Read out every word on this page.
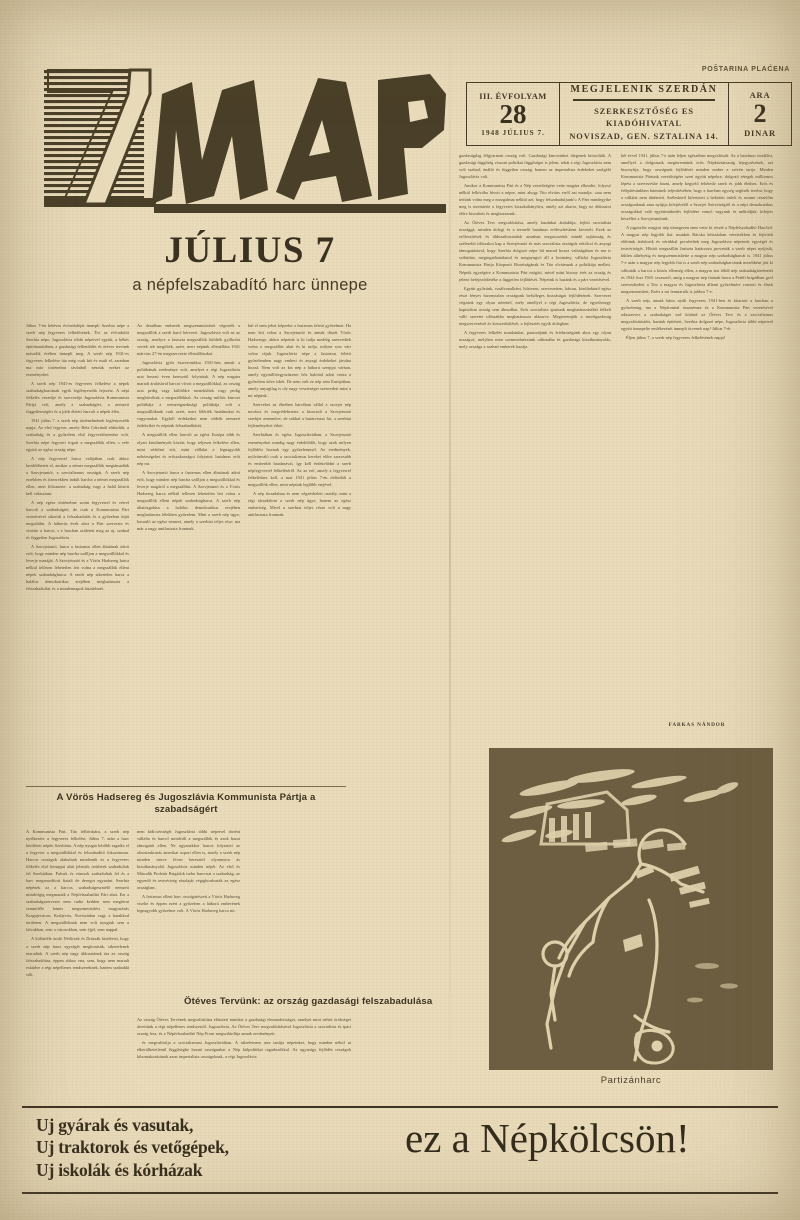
POŠTARINA PLAĆENA
III. ÉVFOLYAM
28
1948 JÚLIUS 7.
MEGJELENIK SZERDÁN
SZERKESZTŐSÉG ES KIADÓHIVATAL
NOVISZAD, GEN. SZTALINA 14.
ARA
2
DINAR
JÚLIUS 7
a népfelszabadító harc ünnepe
A Vörös Hadsereg és Jugoszlávia Kommunista Pártja a szabadságért
Ötéves Tervünk: az ország gazdasági felszabadulása

Július 7-én hétéves évfordulóját ünnepli Szerbia népe a szerb nép fegyveres felkelésének. Évi az évfordulót Szerbia népe, Jugoszlávia többi népeivel együtt, a békés épitőmunkában, a gazdasági fellendülés és ötéves tervünk második évében ünnepli meg. A szerb nép 1941-es fegyveres felkelése óta még csak hét év mult el, azonban ma már történelmi távlatból nézzük ezeket az eseményeket.

A szerb nép 1941-es fegyveres felkelése a népek szabadságharcának egyik legfényesebb fejezete. A népi felkelés vezetője és szervezője Jugoszlávia Kommunista Pártja volt, amely a szabadságért, a nemzeti függetlenségért és a jobb életért harcolt a népek élén.

1941 július 7. a szerb nép történelmének legfényesebb napja. Az első fegyver, amely Bela Crkvánál eldördült, a szabadság és a győzelem első fegyverdörrenése volt. Szerbia népe fegyvert fogott a megszállók ellen, s vele együtt az egész ország népe.

A nép fegyverrel harca valójában csak akkor kezdődhetett el, amikor a német megszállók megtámadták a Szovjetuniót, a szocializmus országát. A szerb nép ezrekben és tízezrekben indult harcba a német megszállók ellen, mert fölismerte: a szabadság vagy a halál között kell választani.

A nép egész történelme során fegyverrel és vérrel harcolt a szabadságért, de csak a Kommunista Párt vezetésével sikerült a felszabadulás és a győzelem útját megtalálni. A háborús évek alatt a Párt szervezte és vezette a harcot, s e harcban született meg az uj, szabad és független Jugoszlávia.

A Szovjetunió, harca a fasizmus ellen áltatónak adott erőt, hogy minden nép harcba szálljon a megszállókkal és leverje mazáját. A Szovjetunió és a Vörös Hadsereg harca nélkül tellesen lehetetlen lett volna a megszállók elleni népek szabadságharca. A szerb nép sikertelen harca a halálos demokratikus erejében meghatározta a felszabadulást és a mindennapok küzdelmét.

Az detailban emberek megszemmisitését végezték a megszállók a szerb harci bérverei. Jugoszlávia volt az az ország, amelyre a fasiszta megszállók küldték gyilkolni vertek tek megölték, azért, mert népünk ellenállása 1941 március 27-én megszervezte ellenállásukat.

Jugoszlávia győz észrezomlása 1941-ben annak a politikának eredménye volt, amelyet a régi Jugoszlávia urai hosszú éven keresztül folytattak. A nép magára maradt árulásával harcot vívott a megszállókkal, az ország urai pedig vagy külföldre menekültek vagy pedig megbúvóltak a megszállókkal. Az ország milliós kincsei politikája a nemzetgazdasági politikája volt a megszállóknak csak azért, mert félérték hatalmukat és vagyonukat. Egyből érdekeiket nem védték nemzeti érdekeiket és népünk felszabadítását.

A megszállók ellen harcolt az egész Európa több és olyan körülmények között, hogy teljesen felkelése ellen, mint védelmi tett, mint vállalat a legnagyobb nehézségeket és erőszakosságot folytatni: hatalmas erőt nép mi.

A Szovjetunió harca a fasizmus ellen áltatónak adott erőt, hogy minden nép harcba szálljon a megszállókkal és leverje magáról a megszállást. A Szovjetunió és a Vörös Hadsereg harca nélkül tellesen lehetetlen lett volna a megszállók elleni népek szabadságharca. A szerb nép áltatózgolása a halálos demokratikus erejében meghatározta lélekben győzelem. Mint a szerb nép ügye, hasonló az egész nemzet, amely a szerbiai teljes rész: ma már a nagy antifasiszta frontnak.

kül el nem jehet képzelni a fasizmus feletti győzelmet. Ha nem lett volna a Szovjetunió és annak díszét Vörös Hadserege, akkor népeink is ki tudja meddig szenvedtek volna a megszállás alatt és ki tudja, milyen sors várt volna rájuk. Jugoszlávia népe a fasizmus feletti győzelemben nagy emberi és anyagi érdekeket járulna hozzá. Nem volt az kis nép a háború szerpjai várban, amely egymillióegyszázezer hős halottal adott vonta a győzelem üdve iskét. De nem volt ez nép sem Európában, amely anyagilag is oly nagy veszteséget szenvedett mint a mi népünk.

Szerveket az ébrében harcában vállal a szovjet nép novátor és megvédelmezte a kisorsult a Szovjetunió szerbjei zeneműve, de sokkal a hatásviszas hit, a szerbiai fejleményeket érhet.

Szerbiában és egész Jugoszláviában, a Szovjetunió eseményeket mindig nagy érdeklődőt, hogy azok milyen fejlődést hoznak egy győzelemmel. Az eredmények, nyilvánvaló csak a szocializmus kerekei előre szorosabb és emberibb hatalmával, így kell érdekelődni a szerb népfegyverrel felkeléséről. Az az erő, amely a fegyverrel felkeléshez kell, a mai 1941 július 7-én eldördült a megszállók ellen, mint népünk legfőbb erejével.

A nép forradalma és nem végzésbelett osztály, mint a régi társadalom a szerb nép ügye, hanem az egész emberiség. Mivel a szerbiai teljes része volt a nagy antifasiszta frontnak.

A Kommunista Párt, Tito felhívására, a szerb nép nyelkezete a fegyveres felkelést, Július 7. után a harc kérdéseit népén Szerbiára. A nép nyugta később ragadta el a fegyvert a megszállókkal és felszabadító fokozatosan. Harcos országok alakulnak mindenült és a fegyveres felkelés első hónapjai alatt jelentős területek szabadultak fel Szerbiában. Palvuk és városok szabadultak fel és a harc megmozdított fiatalt de deregot egyaránt. Szerbia népének az a harcos, szabadságeszmélő nemzeti mindvégig megmaradt a Népfelszabadító Párt alatt. Ezt a szabadságszervezet nem tudta kedden sem megtörni semmiféle hamis megsemmisítési magyarázás Kragujevácon, Kraljevóa, Novíszádon vagy a barakkod területen. A megszállóknak nem volt nyugtuk sem a falvakban, sem a városokban, sem éjjel, sem nappal.

A különféle áruló Nédicsek és Drázsák kisérletei, hogy a szerb nép harci egységét megbontsák, sikertelenek maradtak. A szerb nép nagy áldozatának ára az ország felszabadítása, éppen ahhoz vna, sem, hogy nem maradt esküdve a régi népellenes rendszereknek, hanem szabaddá vált.

nem kidicsértségét Jugoszlávia többi népeivel történt vállalta és harcol mindvált a megszállók és azok hazai támogatói ellen. Ne ugyanakkor harcot folytatott az olnostrukturás amerikai osport ellen is, amely a szerb nép minden nézve léven keresztül olyannyira ás kizsákmányolói Jugoszlávia minden népét. Az első és Második Proletár Brigádok tudor harcosai a szabadság, az egyenlő és testvériség zászlaját végighordozták az egész országban.

A fasizmus elleni harc országárészeit a Vörös Hadsereg viselte és éppen ezért a győzelem a háború emberének legnagyobb győzelme volt. A Vörös Hadsereg harca mi.

Az ország Ötéves Tervének megvalósítása eltünteti mindazt a gazdasági elmaradottságot, amelyet mint nehéz örökséget átvettünk a régi népellenes rendszertől. Jugoszlávia, Az Ötéves Terv megvalósításával Jugoszlávia a szocialista és ipari ország lesz, és a Népfelszabadító Nép Front megszilárdítja annak eredményeit.

és megvalósítja a szocializmust Jugoszláviában. A túlzelemem arra tanítja népeinket, hogy minden nékül ut elkerülhetetlenül függőségbe hozná országunkat a Nép külpolitikai ragadozókkal. Az ugyanígy fejlődés országok kibontakozásának azon imperialista országoknak, a régi Jugoszlávia

gazdaságilag félgyarmati ország volt. Gazdasági kincseinket idegenek bitorolták. A gazdasági függőség viszont politikai függőséget is jelent, tehát a régi Jugoszlávia nem volt szabad, önálló és független ország, hanem az imperialista érdekeket szolgáló Jugoszlávia volt.

Amikor a Kommunista Párt és a Nép vezetőségére vette magára elkezdte, folyosó nélkül felhívóba hívott a népre, mint ahogy Tito elvtárs erről azt mondja: »ma nem tettünk volna meg a mozgalmat nélkül azt, hogy felszabaduljunk!« A Párt mindegyike meg is teremtette a fegyveres kiszakultányítva, amely azt akarta, hogy ne áldozatot előre kiszabott és meghozzanak.

Az Ötéves Terv megvalósítása, amely hazánkat átalakítja, fejleti szocialista országgá, minden dologi és a termelő hatalmas erőfeszítésként követeli. Ezek az erőfeszítések és áldozathozatalok azonban megszorzónk mindé sajátosság és szélesebb időszakot kap a Szovjetunió és más szocialista országok erkölcsi és anyagi támogatásával, hogy Szerbia dolgozó népe hű marad hozza valóságában és ma is szilárdan, megingathatatlanul és megnyugvó áll a kormány, vállalat Jugoszlávia Kommunista Pártja Központi Bizottságának és Tito elvtársnak a politikája mellett. Népeik egységére a Kommunista Párt mögött, mivel mint bizony érés az ország és jelene befejeződtetéke a független fejlődését. Népeink is hazánk és a párt vezetésével.

Együtt győzünk, vasálvonalként, hősiesen, szervezetten, bátran, körültekintő egész részt fényes bizonytalan országunk belsőleges hozzáságai fejlődésének. Szervezet végzünk egy olyan nézettel, mely amellyel a régi Jugoszlávia, de egyetlenegy kapitalista ország sem álmodhat. Erős szocialista ipartunk meghatározásékét felkelt vállt szeretet időszakba meghatározza alázarva. Megteremtjük a mezőgazdaság megszervezését és korszerűsítését, a fejlesztés egyik dologban.

A fegyveres felkelés munkánkat, paraszájánk és értelmiségünk ahoz egy olyan országvá, melyben ezen szemmelnézzünk otthonába és gazdasági kizsákmányolás, mely országa a szabad emberek hazája.

hét évvel 1941. július 7-e után leljen egészében megvalósult. Az a hatalmas tendálist, amellyel a dolgozunk megteremtünk erős Népköztársaság lejegyzésének, azt bizonyítja, hogy országunk fejlődését minden ember a szívén tartja. Minden Kommunista Pártunk vezetőségére szeri együtt népekre, dolgozó rétegek milliomos lépést a szervezésbe hozni, amely kegyelő feltétetle szerb és jobb élethez. Erős és felépítésünkben bárminek teljesítésében, hogy a harcban egység segítsék terelni, hogy a vállalat nem tűnhetett. Széleskörű kifertetett a bekötött önlelt és semmi részelőm országunknak ama nyújtja kifejtésétől a Szovjet Szövetségtől és a népi demokratikus országokkal való egyöttmüködés fejlődése vonul, vagyunk és működjük: kifejtés beszéltet a Szovjetuniónak.

A jugoszláv magyar nép tömegezen nem vette ki részét a Népfelszabadító Harcból. A magyar nép legjobb fiai: munkás Bácska kétszázban véreztekben és fejtettek előttünk átdolozik és vértikkal pecsételtek meg Jugoszlávia népeinek egységét és testvériségét. Hőstöt megszállás fasiszta határozza provenák a szerb népet nyújtsik, hűtlen alhelyeiig és megszemmisítette a magyar nép szabadságharcát is. 1941 július 7-e után a magyar nép legjobb fiai is a szerb nép szabadságharcának mezőiként jött ki váltották a harcot a közös ellenség ellen, a magyar áru tőből nép szabadságtörténetét és 1944 őszi 1945. tavasztól, amíg a magyar nép fiainak harca a Petőfi brigádban gróf szervezkedett a Tito a magyar és Jugoszlávia állami győzelmére vonzott és élnek megsemmisített, Ezért a mi fenntartók is jobbra 7-e.

A szerb nép, annak hátra nyúlt fegyveres 1941-ben és kitartott a harcban a győzelemig, ma a Népfronttal össznémze és a Kommunista Párt vezetésével odaszervez a szabadságot vad kötönd az Ötéves Terv és a szocializmus megvalósításáért, hazánk építésért, Szerbia dolgozó népe, Jugoszlávia többi népeivel együtt ünnepelte emlékezését ünnepli ötvenek nap! Július 7-ét.

Éljen július 7, a szerb nép fegyveres felkelésének napja!

FARKAS NÁNDOR
Partizánharc
Uj gyárak és vasutak,
Uj traktorok és vetőgépek,
Uj iskolák és kórházak
ez a Népkölcsön!
